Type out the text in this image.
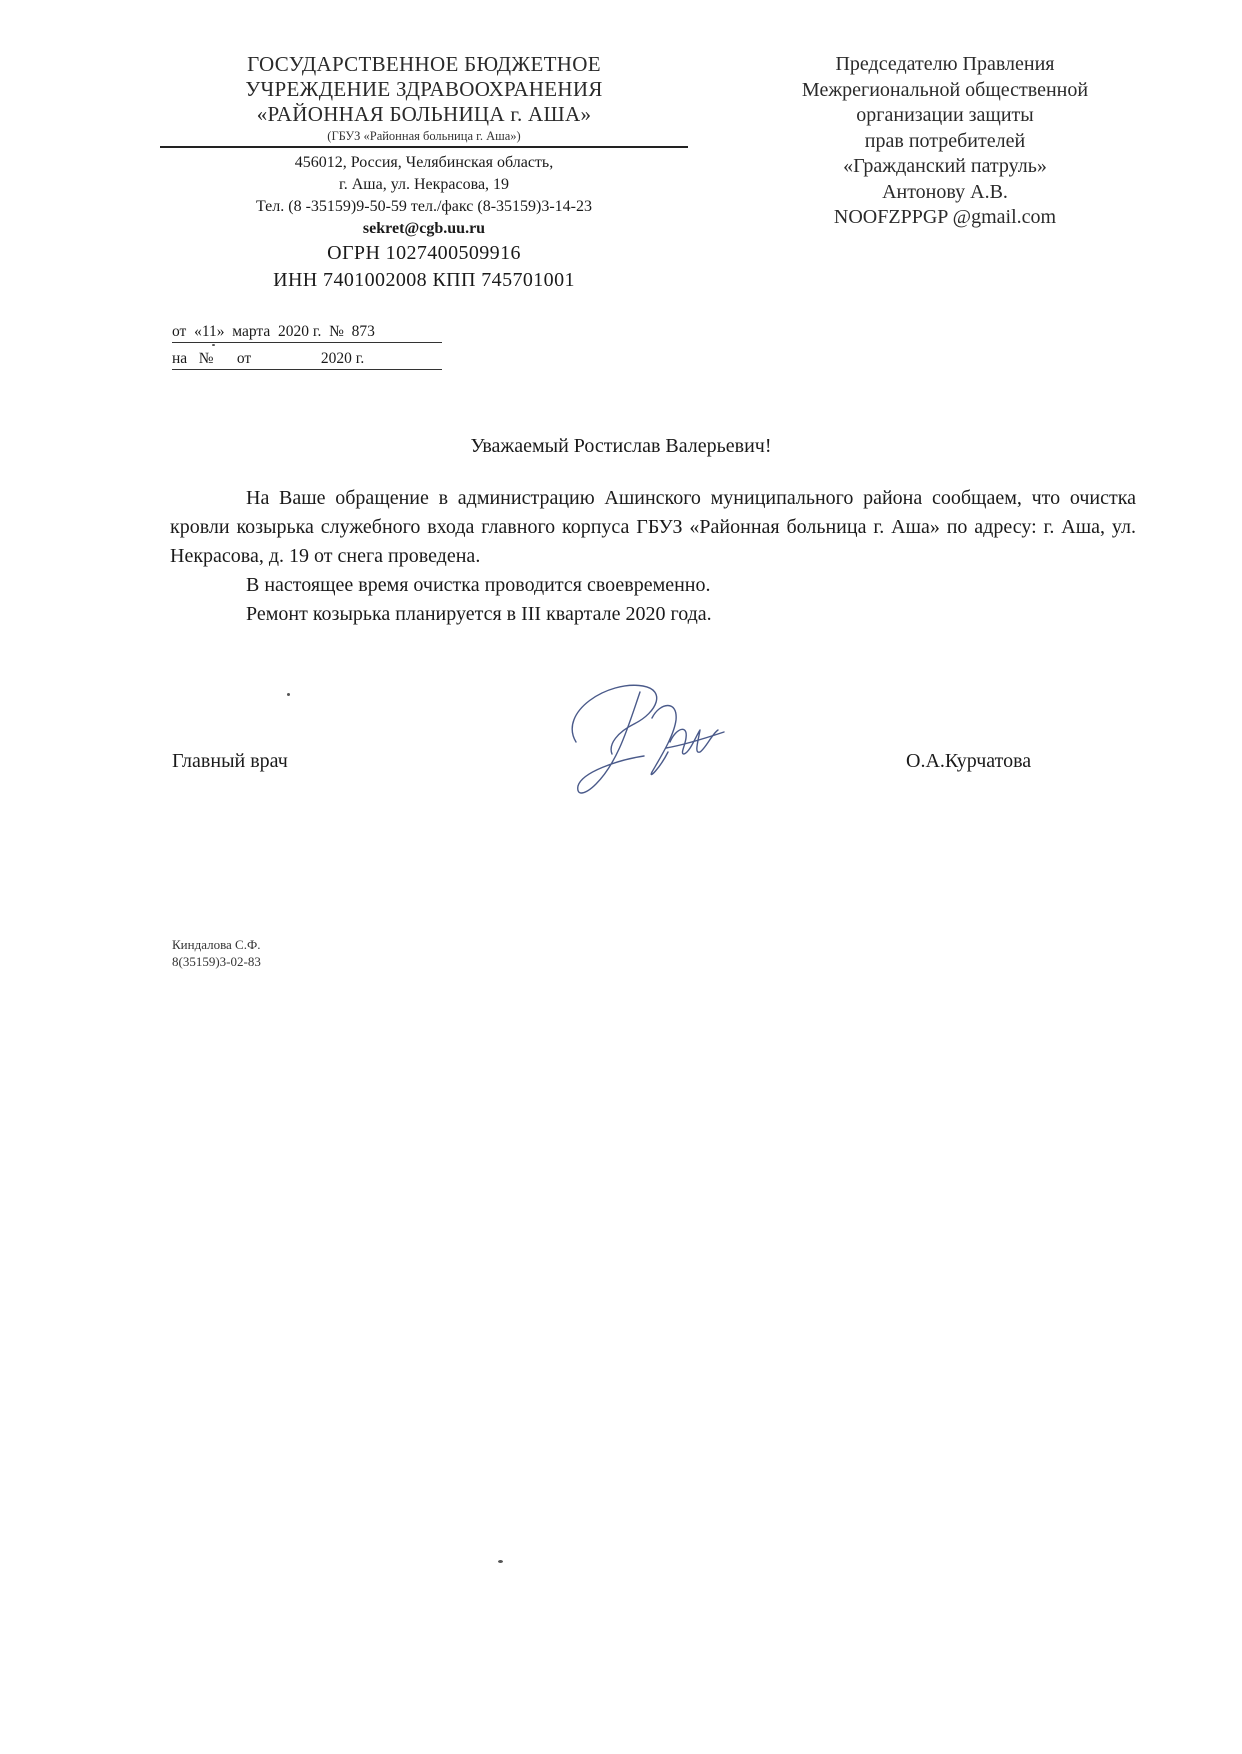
ГОСУДАРСТВЕННОЕ БЮДЖЕТНОЕ
УЧРЕЖДЕНИЕ ЗДРАВООХРАНЕНИЯ
«РАЙОННАЯ БОЛЬНИЦА г. АША»
(ГБУЗ «Районная больница г. Аша»)
456012, Россия, Челябинская область,
г. Аша, ул. Некрасова, 19
Тел. (8 -35159)9-50-59 тел./факс (8-35159)3-14-23
sekret@cgb.uu.ru
ОГРН 1027400509916
ИНН 7401002008 КПП 745701001
от  «11»  марта  2020 г.  №  873
на   №      от                  2020 г.
Председателю Правления
Межрегиональной общественной
организации защиты
прав потребителей
«Гражданский патруль»
Антонову А.В.
NOOFZPPGP @gmail.com
Уважаемый Ростислав Валерьевич!

На Ваше обращение в администрацию Ашинского муниципального района сообщаем, что очистка кровли козырька служебного входа главного корпуса ГБУЗ «Районная больница г. Аша» по адресу: г. Аша, ул. Некрасова, д. 19 от снега проведена.

В настоящее время очистка проводится своевременно.

Ремонт козырька планируется в III квартале 2020 года.

Главный врач	О.А.Курчатова
Киндалова С.Ф.
8(35159)3-02-83
